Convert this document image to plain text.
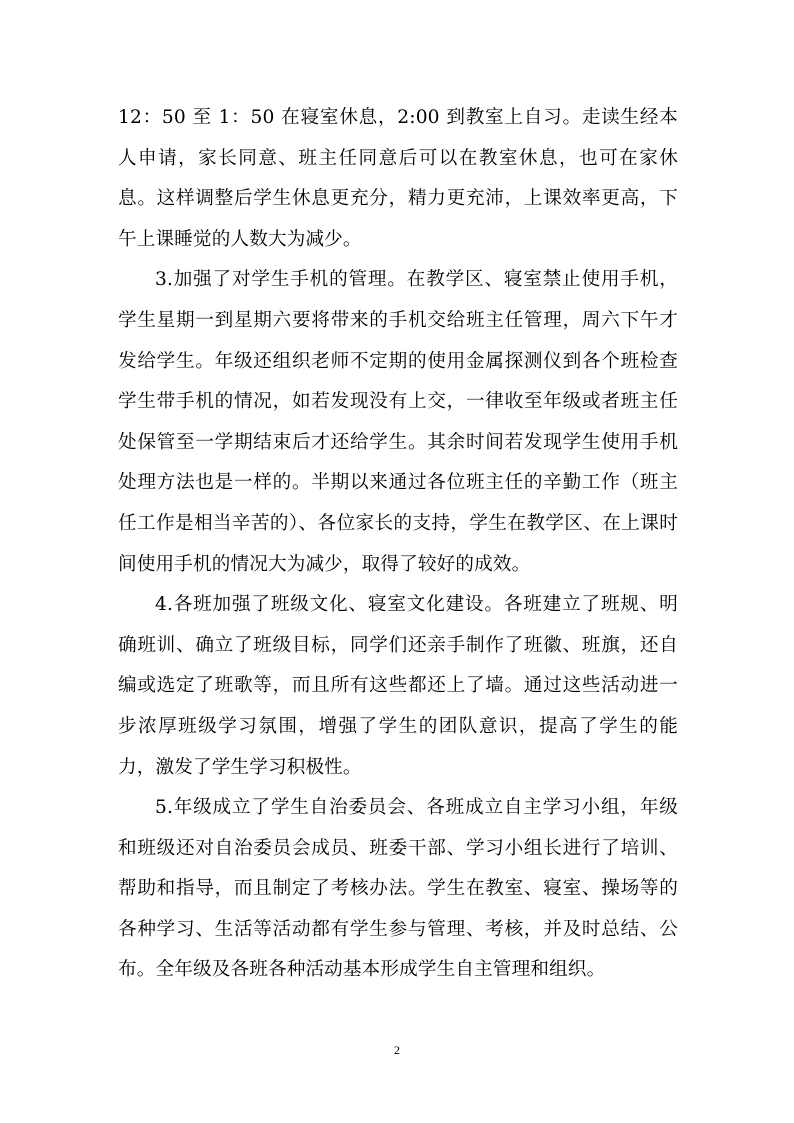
12：50 至 1：50 在寝室休息，2:00 到教室上自习。走读生经本人申请，家长同意、班主任同意后可以在教室休息，也可在家休息。这样调整后学生休息更充分，精力更充沛，上课效率更高，下午上课睡觉的人数大为减少。

3.加强了对学生手机的管理。在教学区、寝室禁止使用手机，学生星期一到星期六要将带来的手机交给班主任管理，周六下午才发给学生。年级还组织老师不定期的使用金属探测仪到各个班检查学生带手机的情况，如若发现没有上交，一律收至年级或者班主任处保管至一学期结束后才还给学生。其余时间若发现学生使用手机处理方法也是一样的。半期以来通过各位班主任的辛勤工作（班主任工作是相当辛苦的）、各位家长的支持，学生在教学区、在上课时间使用手机的情况大为减少，取得了较好的成效。

4.各班加强了班级文化、寝室文化建设。各班建立了班规、明确班训、确立了班级目标，同学们还亲手制作了班徽、班旗，还自编或选定了班歌等，而且所有这些都还上了墙。通过这些活动进一步浓厚班级学习氛围，增强了学生的团队意识，提高了学生的能力，激发了学生学习积极性。

5.年级成立了学生自治委员会、各班成立自主学习小组，年级和班级还对自治委员会成员、班委干部、学习小组长进行了培训、帮助和指导，而且制定了考核办法。学生在教室、寝室、操场等的各种学习、生活等活动都有学生参与管理、考核，并及时总结、公布。全年级及各班各种活动基本形成学生自主管理和组织。

2
